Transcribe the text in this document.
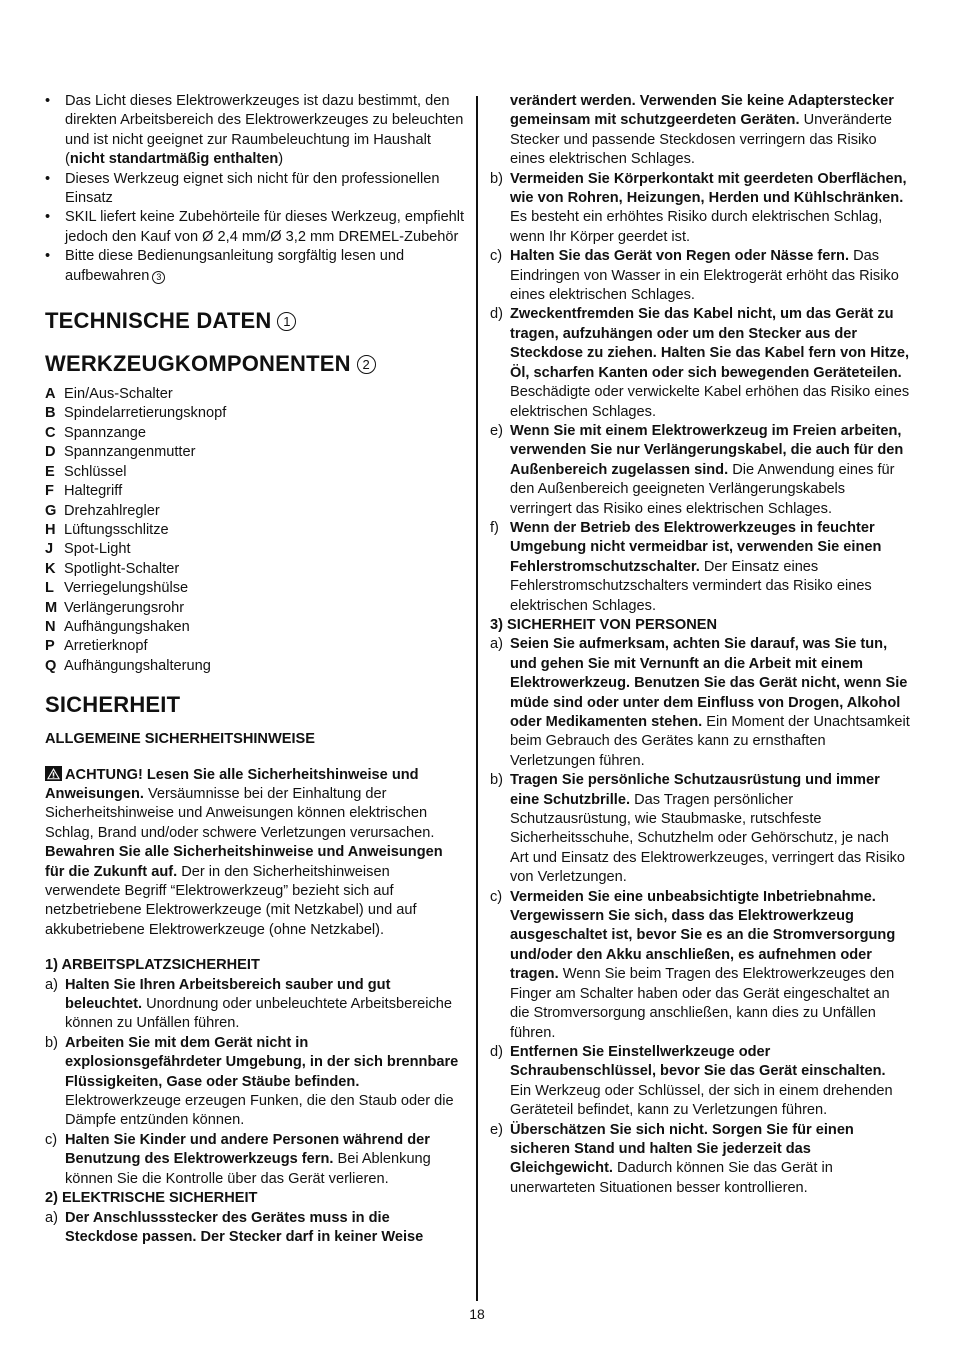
• Das Licht dieses Elektrowerkzeuges ist dazu bestimmt, den direkten Arbeitsbereich des Elektrowerkzeuges zu beleuchten und ist nicht geeignet zur Raumbeleuchtung im Haushalt (nicht standartmäßig enthalten)
• Dieses Werkzeug eignet sich nicht für den professionellen Einsatz
• SKIL liefert keine Zubehörteile für dieses Werkzeug, empfiehlt jedoch den Kauf von Ø 2,4 mm/Ø 3,2 mm DREMEL-Zubehör
• Bitte diese Bedienungsanleitung sorgfältig lesen und aufbewahren 3
TECHNISCHE DATEN 1
WERKZEUGKOMPONENTEN 2
A Ein/Aus-Schalter
B Spindelarretierungsknopf
C Spannzange
D Spannzangenmutter
E Schlüssel
F Haltegriff
G Drehzahlregler
H Lüftungsschlitze
J Spot-Light
K Spotlight-Schalter
L Verriegelungshülse
M Verlängerungsrohr
N Aufhängungshaken
P Arretierknopf
Q Aufhängungshalterung
SICHERHEIT
ALLGEMEINE SICHERHEITSHINWEISE

ACHTUNG! Lesen Sie alle Sicherheitshinweise und Anweisungen. Versäumnisse bei der Einhaltung der Sicherheitshinweise und Anweisungen können elektrischen Schlag, Brand und/oder schwere Verletzungen verursachen. Bewahren Sie alle Sicherheitshinweise und Anweisungen für die Zukunft auf. Der in den Sicherheitshinweisen verwendete Begriff “Elektrowerkzeug” bezieht sich auf netzbetriebene Elektrowerkzeuge (mit Netzkabel) und auf akkubetriebene Elektrowerkzeuge (ohne Netzkabel).

1) ARBEITSPLATZSICHERHEIT
a) Halten Sie Ihren Arbeitsbereich sauber und gut beleuchtet. Unordnung oder unbeleuchtete Arbeitsbereiche können zu Unfällen führen.
b) Arbeiten Sie mit dem Gerät nicht in explosionsgefährdeter Umgebung, in der sich brennbare Flüssigkeiten, Gase oder Stäube befinden. Elektrowerkzeuge erzeugen Funken, die den Staub oder die Dämpfe entzünden können.
c) Halten Sie Kinder und andere Personen während der Benutzung des Elektrowerkzeugs fern. Bei Ablenkung können Sie die Kontrolle über das Gerät verlieren.
2) ELEKTRISCHE SICHERHEIT
a) Der Anschlussstecker des Gerätes muss in die Steckdose passen. Der Stecker darf in keiner Weise
verändert werden. Verwenden Sie keine Adapterstecker gemeinsam mit schutzgeerdeten Geräten. Unveränderte Stecker und passende Steckdosen verringern das Risiko eines elektrischen Schlages.
b) Vermeiden Sie Körperkontakt mit geerdeten Oberflächen, wie von Rohren, Heizungen, Herden und Kühlschränken. Es besteht ein erhöhtes Risiko durch elektrischen Schlag, wenn Ihr Körper geerdet ist.
c) Halten Sie das Gerät von Regen oder Nässe fern. Das Eindringen von Wasser in ein Elektrogerät erhöht das Risiko eines elektrischen Schlages.
d) Zweckentfremden Sie das Kabel nicht, um das Gerät zu tragen, aufzuhängen oder um den Stecker aus der Steckdose zu ziehen. Halten Sie das Kabel fern von Hitze, Öl, scharfen Kanten oder sich bewegenden Geräteteilen. Beschädigte oder verwickelte Kabel erhöhen das Risiko eines elektrischen Schlages.
e) Wenn Sie mit einem Elektrowerkzeug im Freien arbeiten, verwenden Sie nur Verlängerungskabel, die auch für den Außenbereich zugelassen sind. Die Anwendung eines für den Außenbereich geeigneten Verlängerungskabels verringert das Risiko eines elektrischen Schlages.
f) Wenn der Betrieb des Elektrowerkzeuges in feuchter Umgebung nicht vermeidbar ist, verwenden Sie einen Fehlerstromschutzschalter. Der Einsatz eines Fehlerstromschutzschalters vermindert das Risiko eines elektrischen Schlages.
3) SICHERHEIT VON PERSONEN
a) Seien Sie aufmerksam, achten Sie darauf, was Sie tun, und gehen Sie mit Vernunft an die Arbeit mit einem Elektrowerkzeug. Benutzen Sie das Gerät nicht, wenn Sie müde sind oder unter dem Einfluss von Drogen, Alkohol oder Medikamenten stehen. Ein Moment der Unachtsamkeit beim Gebrauch des Gerätes kann zu ernsthaften Verletzungen führen.
b) Tragen Sie persönliche Schutzausrüstung und immer eine Schutzbrille. Das Tragen persönlicher Schutzausrüstung, wie Staubmaske, rutschfeste Sicherheitsschuhe, Schutzhelm oder Gehörschutz, je nach Art und Einsatz des Elektrowerkzeuges, verringert das Risiko von Verletzungen.
c) Vermeiden Sie eine unbeabsichtigte Inbetriebnahme. Vergewissern Sie sich, dass das Elektrowerkzeug ausgeschaltet ist, bevor Sie es an die Stromversorgung und/oder den Akku anschließen, es aufnehmen oder tragen. Wenn Sie beim Tragen des Elektrowerkzeuges den Finger am Schalter haben oder das Gerät eingeschaltet an die Stromversorgung anschließen, kann dies zu Unfällen führen.
d) Entfernen Sie Einstellwerkzeuge oder Schraubenschlüssel, bevor Sie das Gerät einschalten. Ein Werkzeug oder Schlüssel, der sich in einem drehenden Geräteteil befindet, kann zu Verletzungen führen.
e) Überschätzen Sie sich nicht. Sorgen Sie für einen sicheren Stand und halten Sie jederzeit das Gleichgewicht. Dadurch können Sie das Gerät in unerwarteten Situationen besser kontrollieren.
18
